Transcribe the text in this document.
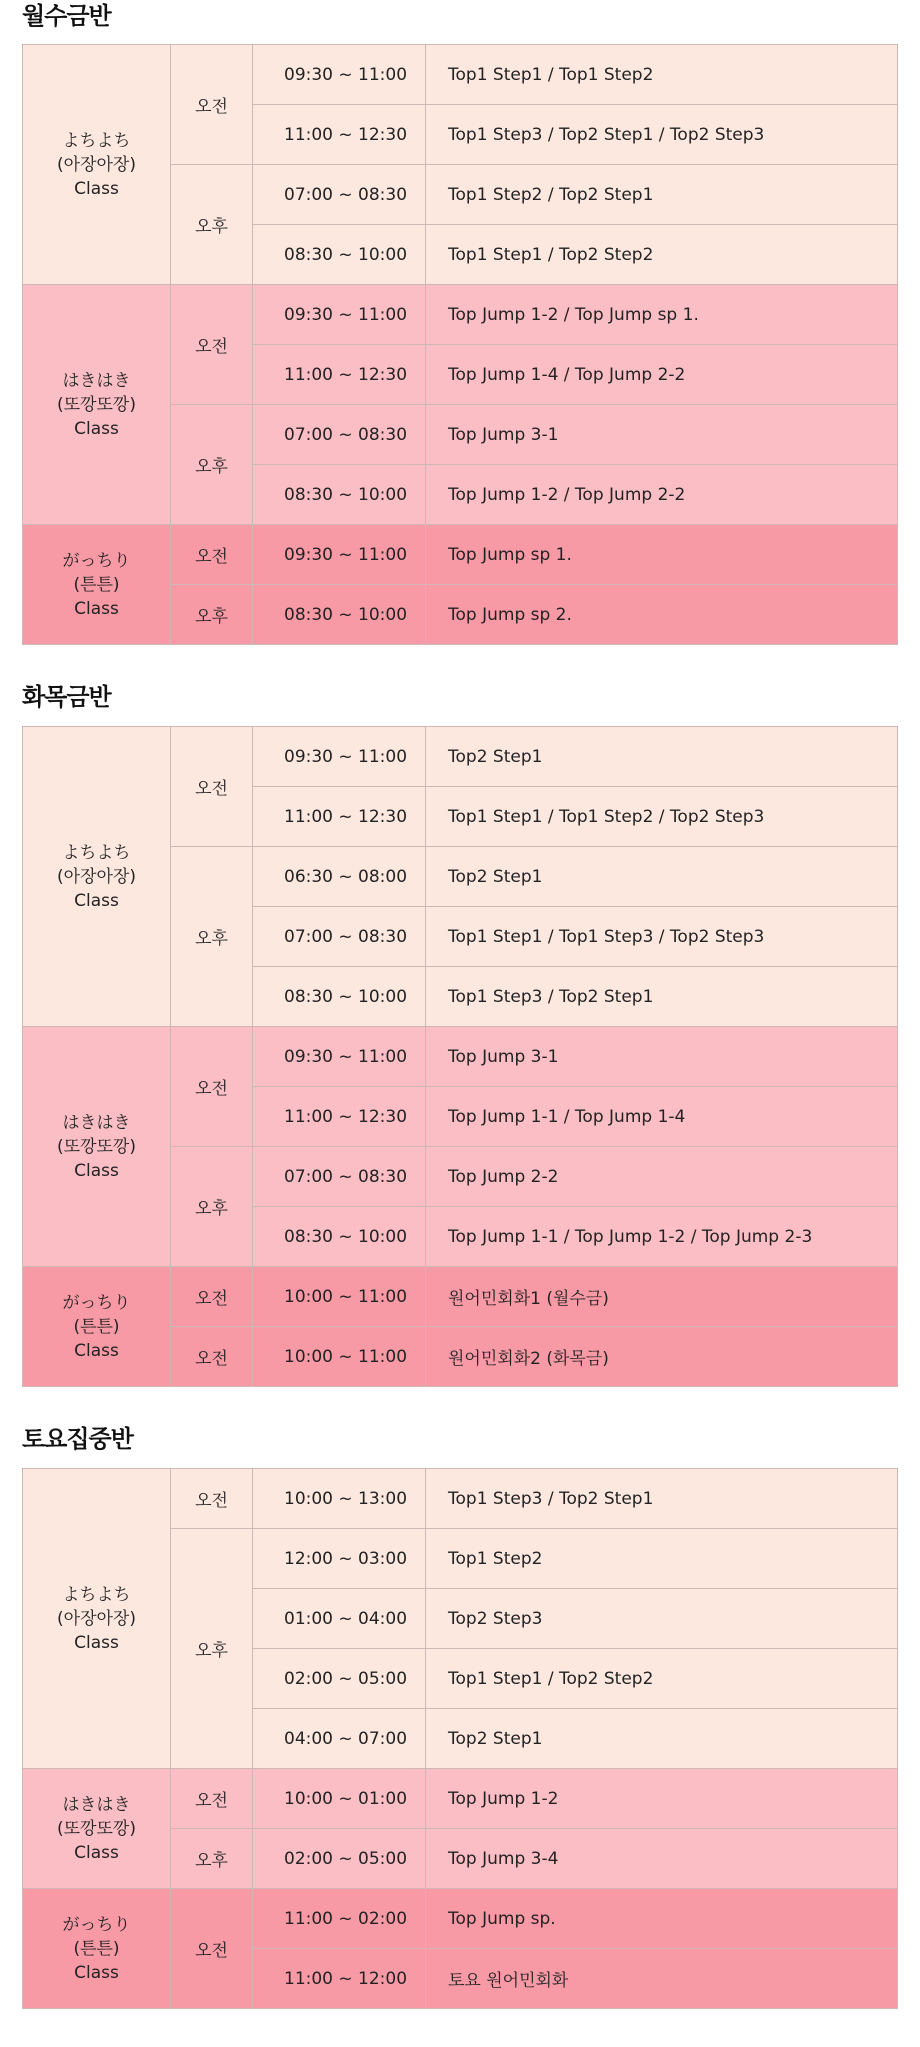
월수금반
よちよち
(아장아장)
Class	오전	09:30 ~ 11:00	Top1 Step1 / Top1 Step2
		11:00 ~ 12:30	Top1 Step3 / Top2 Step1 / Top2 Step3
	오후	07:00 ~ 08:30	Top1 Step2 / Top2 Step1
		08:30 ~ 10:00	Top1 Step1 / Top2 Step2

はきはき
(또깡또깡)
Class	오전	09:30 ~ 11:00	Top Jump 1-2 / Top Jump sp 1.
		11:00 ~ 12:30	Top Jump 1-4 / Top Jump 2-2
	오후	07:00 ~ 08:30	Top Jump 3-1
		08:30 ~ 10:00	Top Jump 1-2 / Top Jump 2-2

がっちり
(튼튼)
Class	오전	09:30 ~ 11:00	Top Jump sp 1.
	오후	08:30 ~ 10:00	Top Jump sp 2.
화목금반
よちよち
(아장아장)
Class	오전	09:30 ~ 11:00	Top2 Step1
		11:00 ~ 12:30	Top1 Step1 / Top1 Step2 / Top2 Step3
	오후	06:30 ~ 08:00	Top2 Step1
		07:00 ~ 08:30	Top1 Step1 / Top1 Step3 / Top2 Step3
		08:30 ~ 10:00	Top1 Step3 / Top2 Step1

はきはき
(또깡또깡)
Class	오전	09:30 ~ 11:00	Top Jump 3-1
		11:00 ~ 12:30	Top Jump 1-1 / Top Jump 1-4
	오후	07:00 ~ 08:30	Top Jump 2-2
		08:30 ~ 10:00	Top Jump 1-1 / Top Jump 1-2 / Top Jump 2-3

がっちり
(튼튼)
Class	오전	10:00 ~ 11:00	원어민회화1 (월수금)
	오전	10:00 ~ 11:00	원어민회화2 (화목금)
토요집중반
よちよち
(아장아장)
Class	오전	10:00 ~ 13:00	Top1 Step3 / Top2 Step1
	오후	12:00 ~ 03:00	Top1 Step2
		01:00 ~ 04:00	Top2 Step3
		02:00 ~ 05:00	Top1 Step1 / Top2 Step2
		04:00 ~ 07:00	Top2 Step1

はきはき
(또깡또깡)
Class	오전	10:00 ~ 01:00	Top Jump 1-2
	오후	02:00 ~ 05:00	Top Jump 3-4

がっちり
(튼튼)
Class	오전	11:00 ~ 02:00	Top Jump sp.
		11:00 ~ 12:00	토요 원어민회화
